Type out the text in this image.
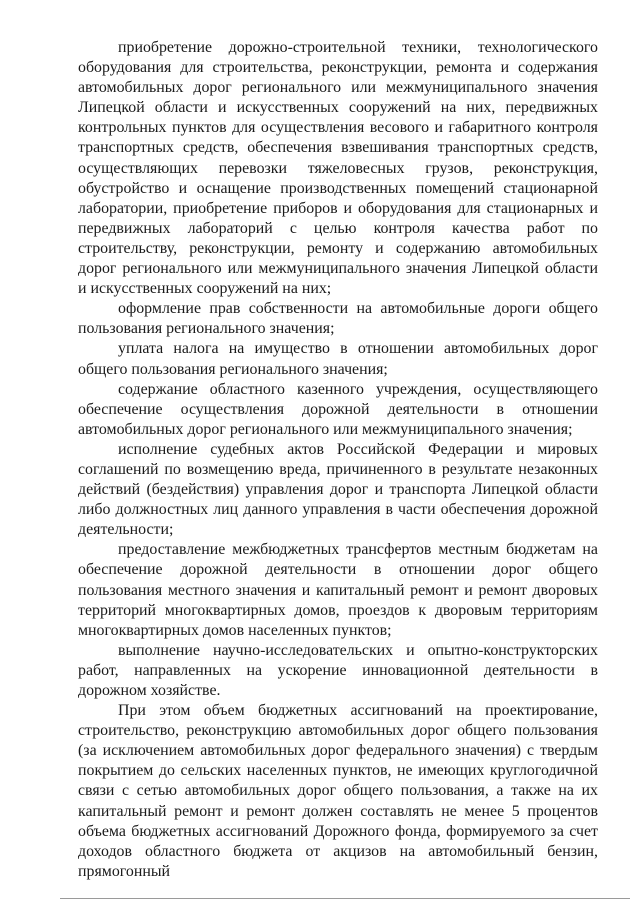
приобретение дорожно-строительной техники, технологического оборудования для строительства, реконструкции, ремонта и содержания автомобильных дорог регионального или межмуниципального значения Липецкой области и искусственных сооружений на них, передвижных контрольных пунктов для осуществления весового и габаритного контроля транспортных средств, обеспечения взвешивания транспортных средств, осуществляющих перевозки тяжеловесных грузов, реконструкция, обустройство и оснащение производственных помещений стационарной лаборатории, приобретение приборов и оборудования для стационарных и передвижных лабораторий с целью контроля качества работ по строительству, реконструкции, ремонту и содержанию автомобильных дорог регионального или межмуниципального значения Липецкой области и искусственных сооружений на них;

оформление прав собственности на автомобильные дороги общего пользования регионального значения;

уплата налога на имущество в отношении автомобильных дорог общего пользования регионального значения;

содержание областного казенного учреждения, осуществляющего обеспечение осуществления дорожной деятельности в отношении автомобильных дорог регионального или межмуниципального значения;

исполнение судебных актов Российской Федерации и мировых соглашений по возмещению вреда, причиненного в результате незаконных действий (бездействия) управления дорог и транспорта Липецкой области либо должностных лиц данного управления в части обеспечения дорожной деятельности;

предоставление межбюджетных трансфертов местным бюджетам на обеспечение дорожной деятельности в отношении дорог общего пользования местного значения и капитальный ремонт и ремонт дворовых территорий многоквартирных домов, проездов к дворовым территориям многоквартирных домов населенных пунктов;

выполнение научно-исследовательских и опытно-конструкторских работ, направленных на ускорение инновационной деятельности в дорожном хозяйстве.

При этом объем бюджетных ассигнований на проектирование, строительство, реконструкцию автомобильных дорог общего пользования (за исключением автомобильных дорог федерального значения) с твердым покрытием до сельских населенных пунктов, не имеющих круглогодичной связи с сетью автомобильных дорог общего пользования, а также на их капитальный ремонт и ремонт должен составлять не менее 5 процентов объема бюджетных ассигнований Дорожного фонда, формируемого за счет доходов областного бюджета от акцизов на автомобильный бензин, прямогонный
